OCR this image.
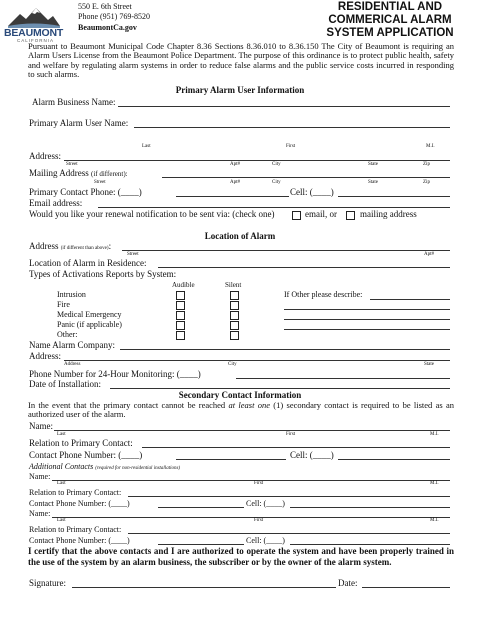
BEAUMONT
CALIFORNIA
550 E. 6th Street
Phone (951) 769-8520
BeaumontCa.gov
RESIDENTIAL AND
COMMERICAL ALARM
SYSTEM APPLICATION
Pursuant to Beaumont Municipal Code Chapter 8.36 Sections 8.36.010 to 8.36.150 The City of Beaumont is requiring an Alarm Users License from the Beaumont Police Department. The purpose of this ordinance is to protect public health, safety and welfare by regulating alarm systems in order to reduce false alarms and the public service costs incurred in responding to such alarms.
Primary Alarm User Information
Alarm Business Name:
Primary Alarm User Name:
Last	First	M.I.
Address:
Street	Apt#	City	State	Zip
Mailing Address (if different):
Street	Apt#	City	State	Zip
Primary Contact Phone: (____)	Cell: (____)
Email address:
Would you like your renewal notification to be sent via: (check one)	email, or	mailing address
Location of Alarm
Address (if different than above):
Street	Apt#
Location of Alarm in Residence:
Types of Activations Reports by System:
Audible	Silent
Intrusion
Fire
Medical Emergency
Panic (if applicable)
Other:
If Other please describe:
Name Alarm Company:
Address:
Address	City	State
Phone Number for 24-Hour Monitoring: (____)
Date of Installation:
Secondary Contact Information
In the event that the primary contact cannot be reached at least one (1) secondary contact is required to be listed as an authorized user of the alarm.
Name:
Last	First	M.I.
Relation to Primary Contact:
Contact Phone Number: (____)	Cell: (____)
Additional Contacts (required for non-residential installations)
Name:
Last	First	M.I.
Relation to Primary Contact:
Contact Phone Number: (____)	Cell: (____)
Name:
Last	First	M.I.
Relation to Primary Contact:
Contact Phone Number: (____)	Cell: (____)
I certify that the above contacts and I are authorized to operate the system and have been properly trained in the use of the system by an alarm business, the subscriber or by the owner of the alarm system.
Signature:	Date:
